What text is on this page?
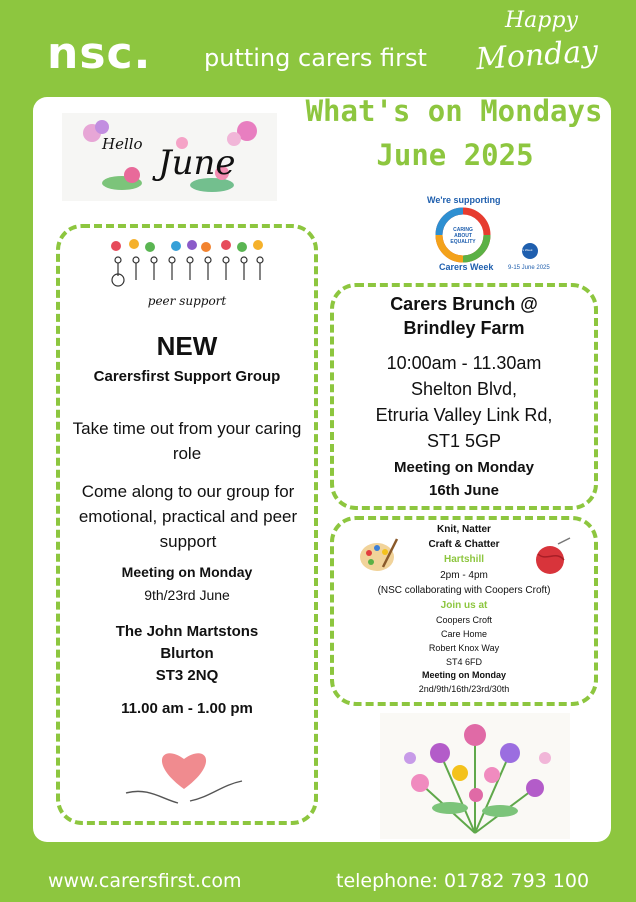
nsc. putting carers first
Happy
Monday
Hello June
What's on Mondays
June 2025
We're supporting
CARING ABOUT EQUALITY
Carers Week
Carers Week
9-15 June 2025
peer support
NEW
Carersfirst Support Group
Take time out from your caring role
Come along to our group for emotional, practical and peer support
Meeting on Monday
9th/23rd June
The John Martstons
Blurton
ST3 2NQ
11.00 am - 1.00 pm
Carers Brunch @
Brindley Farm
10:00am - 11.30am
Shelton Blvd,
Etruria Valley Link Rd,
ST1 5GP
Meeting on Monday
16th June
Knit, Natter
Craft & Chatter
Hartshill
2pm - 4pm
(NSC collaborating with Coopers Croft)
Join us at
Coopers Croft
Care Home
Robert Knox Way
ST4 6FD
Meeting on Monday
2nd/9th/16th/23rd/30th
www.carersfirst.com	telephone: 01782 793 100
